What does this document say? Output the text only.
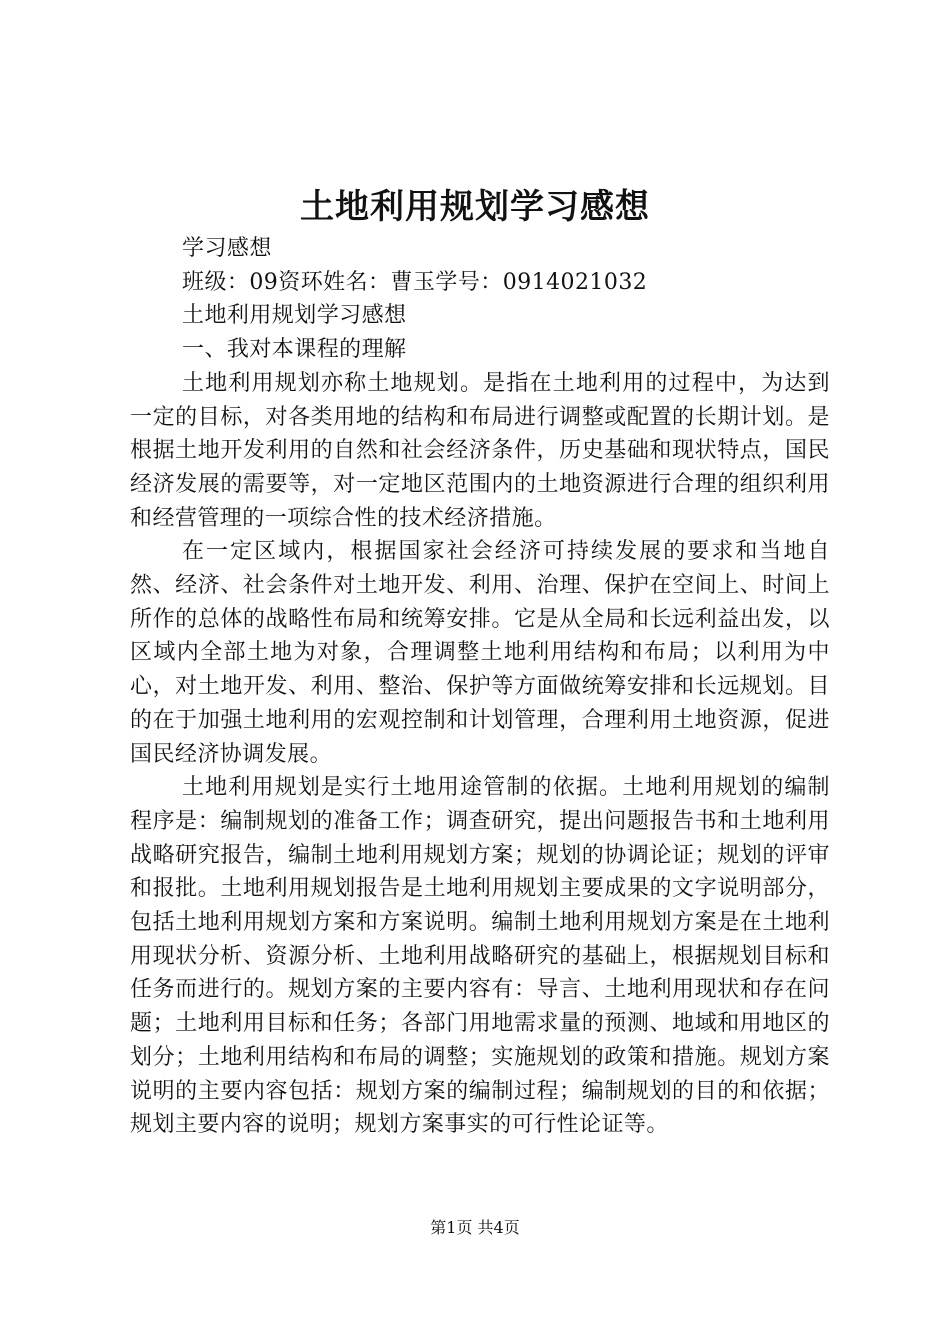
土地利用规划学习感想

学习感想

班级：09资环姓名：曹玉学号：0914021032

土地利用规划学习感想

一、我对本课程的理解

土地利用规划亦称土地规划。是指在土地利用的过程中，为达到一定的目标，对各类用地的结构和布局进行调整或配置的长期计划。是根据土地开发利用的自然和社会经济条件，历史基础和现状特点，国民经济发展的需要等，对一定地区范围内的土地资源进行合理的组织利用和经营管理的一项综合性的技术经济措施。

在一定区域内，根据国家社会经济可持续发展的要求和当地自然、经济、社会条件对土地开发、利用、治理、保护在空间上、时间上所作的总体的战略性布局和统筹安排。它是从全局和长远利益出发，以区域内全部土地为对象，合理调整土地利用结构和布局；以利用为中心，对土地开发、利用、整治、保护等方面做统筹安排和长远规划。目的在于加强土地利用的宏观控制和计划管理，合理利用土地资源，促进国民经济协调发展。

土地利用规划是实行土地用途管制的依据。土地利用规划的编制程序是：编制规划的准备工作；调查研究，提出问题报告书和土地利用战略研究报告，编制土地利用规划方案；规划的协调论证；规划的评审和报批。土地利用规划报告是土地利用规划主要成果的文字说明部分，包括土地利用规划方案和方案说明。编制土地利用规划方案是在土地利用现状分析、资源分析、土地利用战略研究的基础上，根据规划目标和任务而进行的。规划方案的主要内容有：导言、土地利用现状和存在问题；土地利用目标和任务；各部门用地需求量的预测、地域和用地区的划分；土地利用结构和布局的调整；实施规划的政策和措施。规划方案说明的主要内容包括：规划方案的编制过程；编制规划的目的和依据；规划主要内容的说明；规划方案事实的可行性论证等。

第1页 共4页
